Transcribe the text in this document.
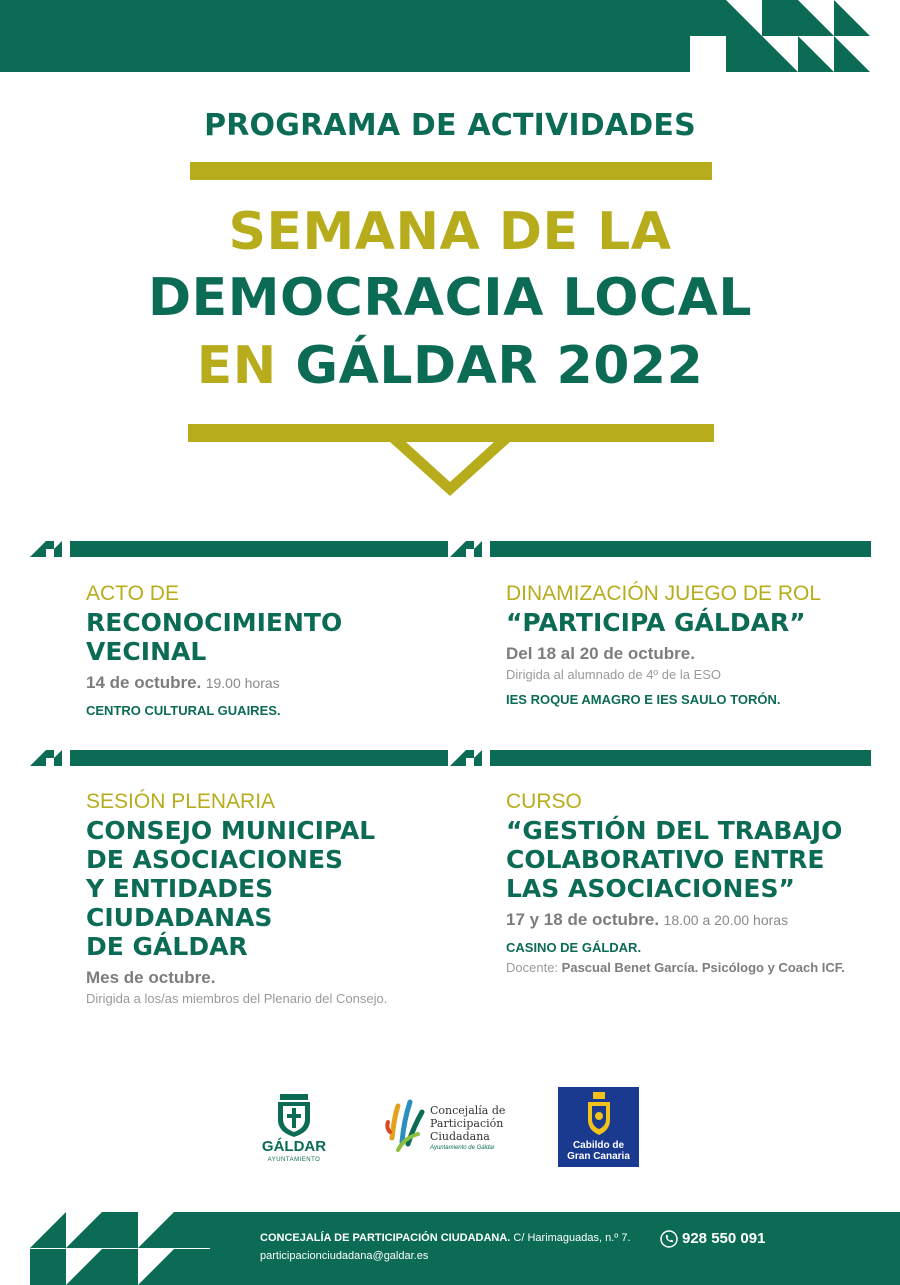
PROGRAMA DE ACTIVIDADES
SEMANA DE LA
DEMOCRACIA LOCAL
EN GÁLDAR 2022

ACTO DE

RECONOCIMIENTO
VECINAL
14 de octubre. 19.00 horas
CENTRO CULTURAL GUAIRES.

DINAMIZACIÓN JUEGO DE ROL

“PARTICIPA GÁLDAR”
Del 18 al 20 de octubre.
Dirigida al alumnado de 4º de la ESO
IES ROQUE AMAGRO E IES SAULO TORÓN.

SESIÓN PLENARIA

CONSEJO MUNICIPAL
DE ASOCIACIONES
Y ENTIDADES
CIUDADANAS
DE GÁLDAR
Mes de octubre.
Dirigida a los/as miembros del Plenario del Consejo.

CURSO

“GESTIÓN DEL TRABAJO
COLABORATIVO ENTRE
LAS ASOCIACIONES”
17 y 18 de octubre. 18.00 a 20.00 horas
CASINO DE GÁLDAR.
Docente: Pascual Benet García. Psicólogo y Coach ICF.
GÁLDAR
AYUNTAMIENTO
Concejalía de
Participación
Ciudadana
Ayuntamiento de Gáldar	Cabildo de
Gran Canaria
CONCEJALÍA DE PARTICIPACIÓN CIUDADANA. C/ Harimaguadas, n.º 7.
participacionciudadana@galdar.es
928 550 091
